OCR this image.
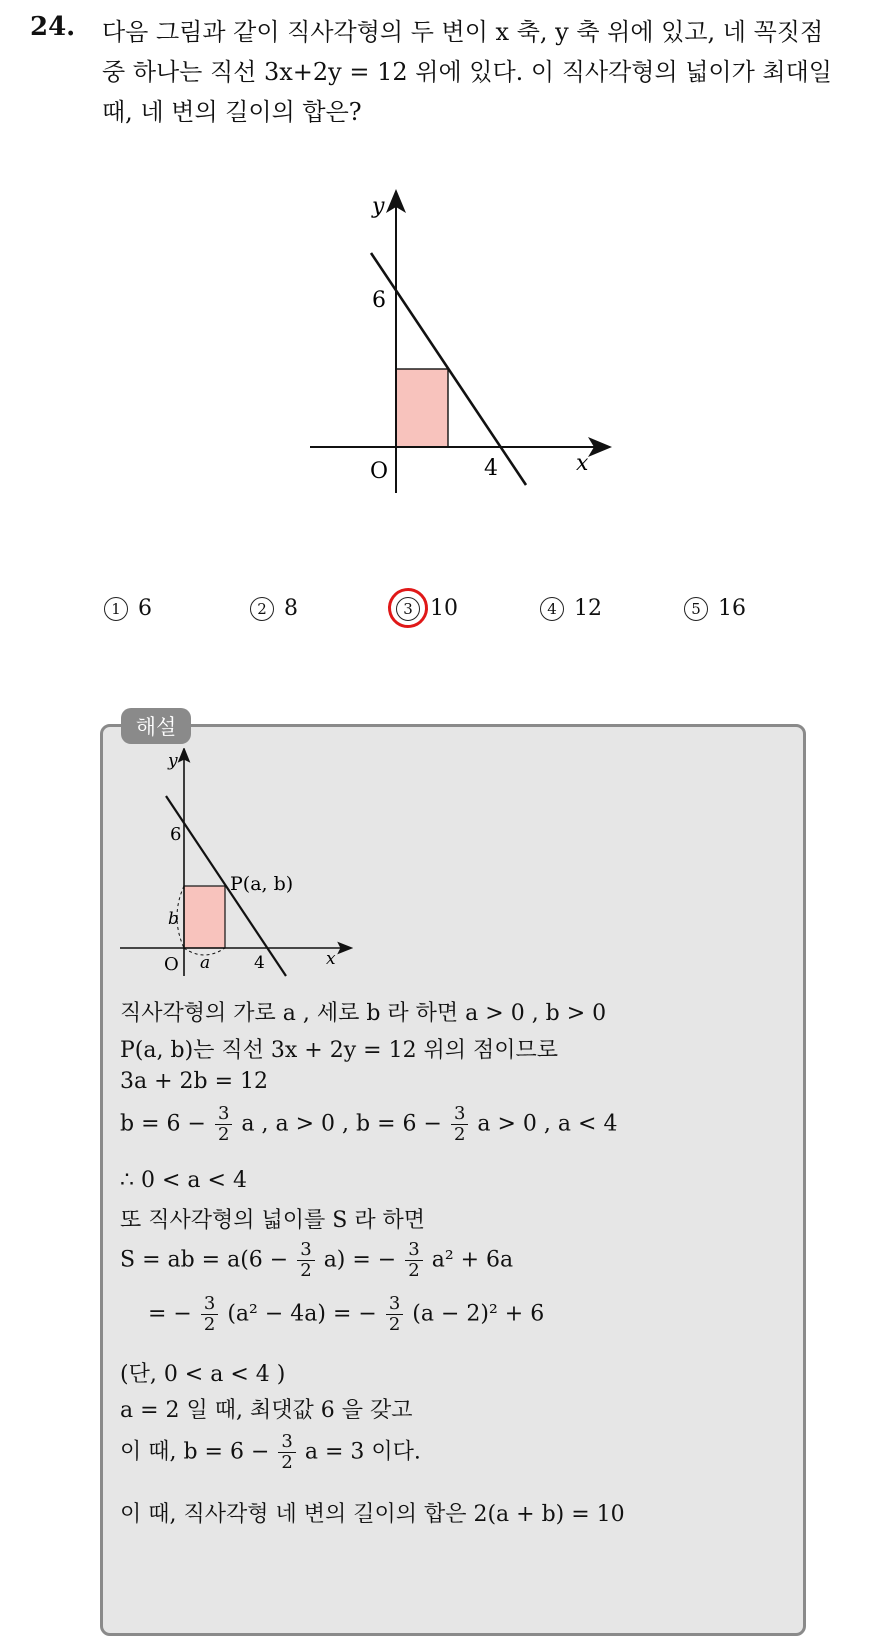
24. 다음 그림과 같이 직사각형의 두 변이 x 축, y 축 위에 있고, 네 꼭짓점
중 하나는 직선 3x+2y = 12 위에 있다. 이 직사각형의 넓이가 최대일
때, 네 변의 길이의 합은?
y
x
O
6
4
1 6	2 8	3 10	4 12	5 16
해설
y
x
O
6
4
P(a, b)
b
a
직사각형의 가로 a , 세로 b 라 하면 a > 0 , b > 0
P(a, b)는 직선 3x + 2y = 12 위의 점이므로
3a + 2b = 12
$b = 6 - \frac{3}{2}$ a , a > 0 , $b = 6 - \frac{3}{2}$ a > 0 , a < 4
∴ 0 < a < 4
또 직사각형의 넓이를 S 라 하면
S = ab = $a(6 - \frac{3}{2} a)$ = − $\frac{3}{2} a^2 + 6a$
= − $\frac{3}{2} (a^2 - 4a)$ = − $\frac{3}{2} (a - 2)^2 + 6$
(단, 0 < a < 4 )
a = 2 일 때, 최댓값 6 을 갖고
이 때, $b = 6 - \frac{3}{2}$ a = 3 이다.
이 때, 직사각형 네 변의 길이의 합은 2(a + b) = 10
